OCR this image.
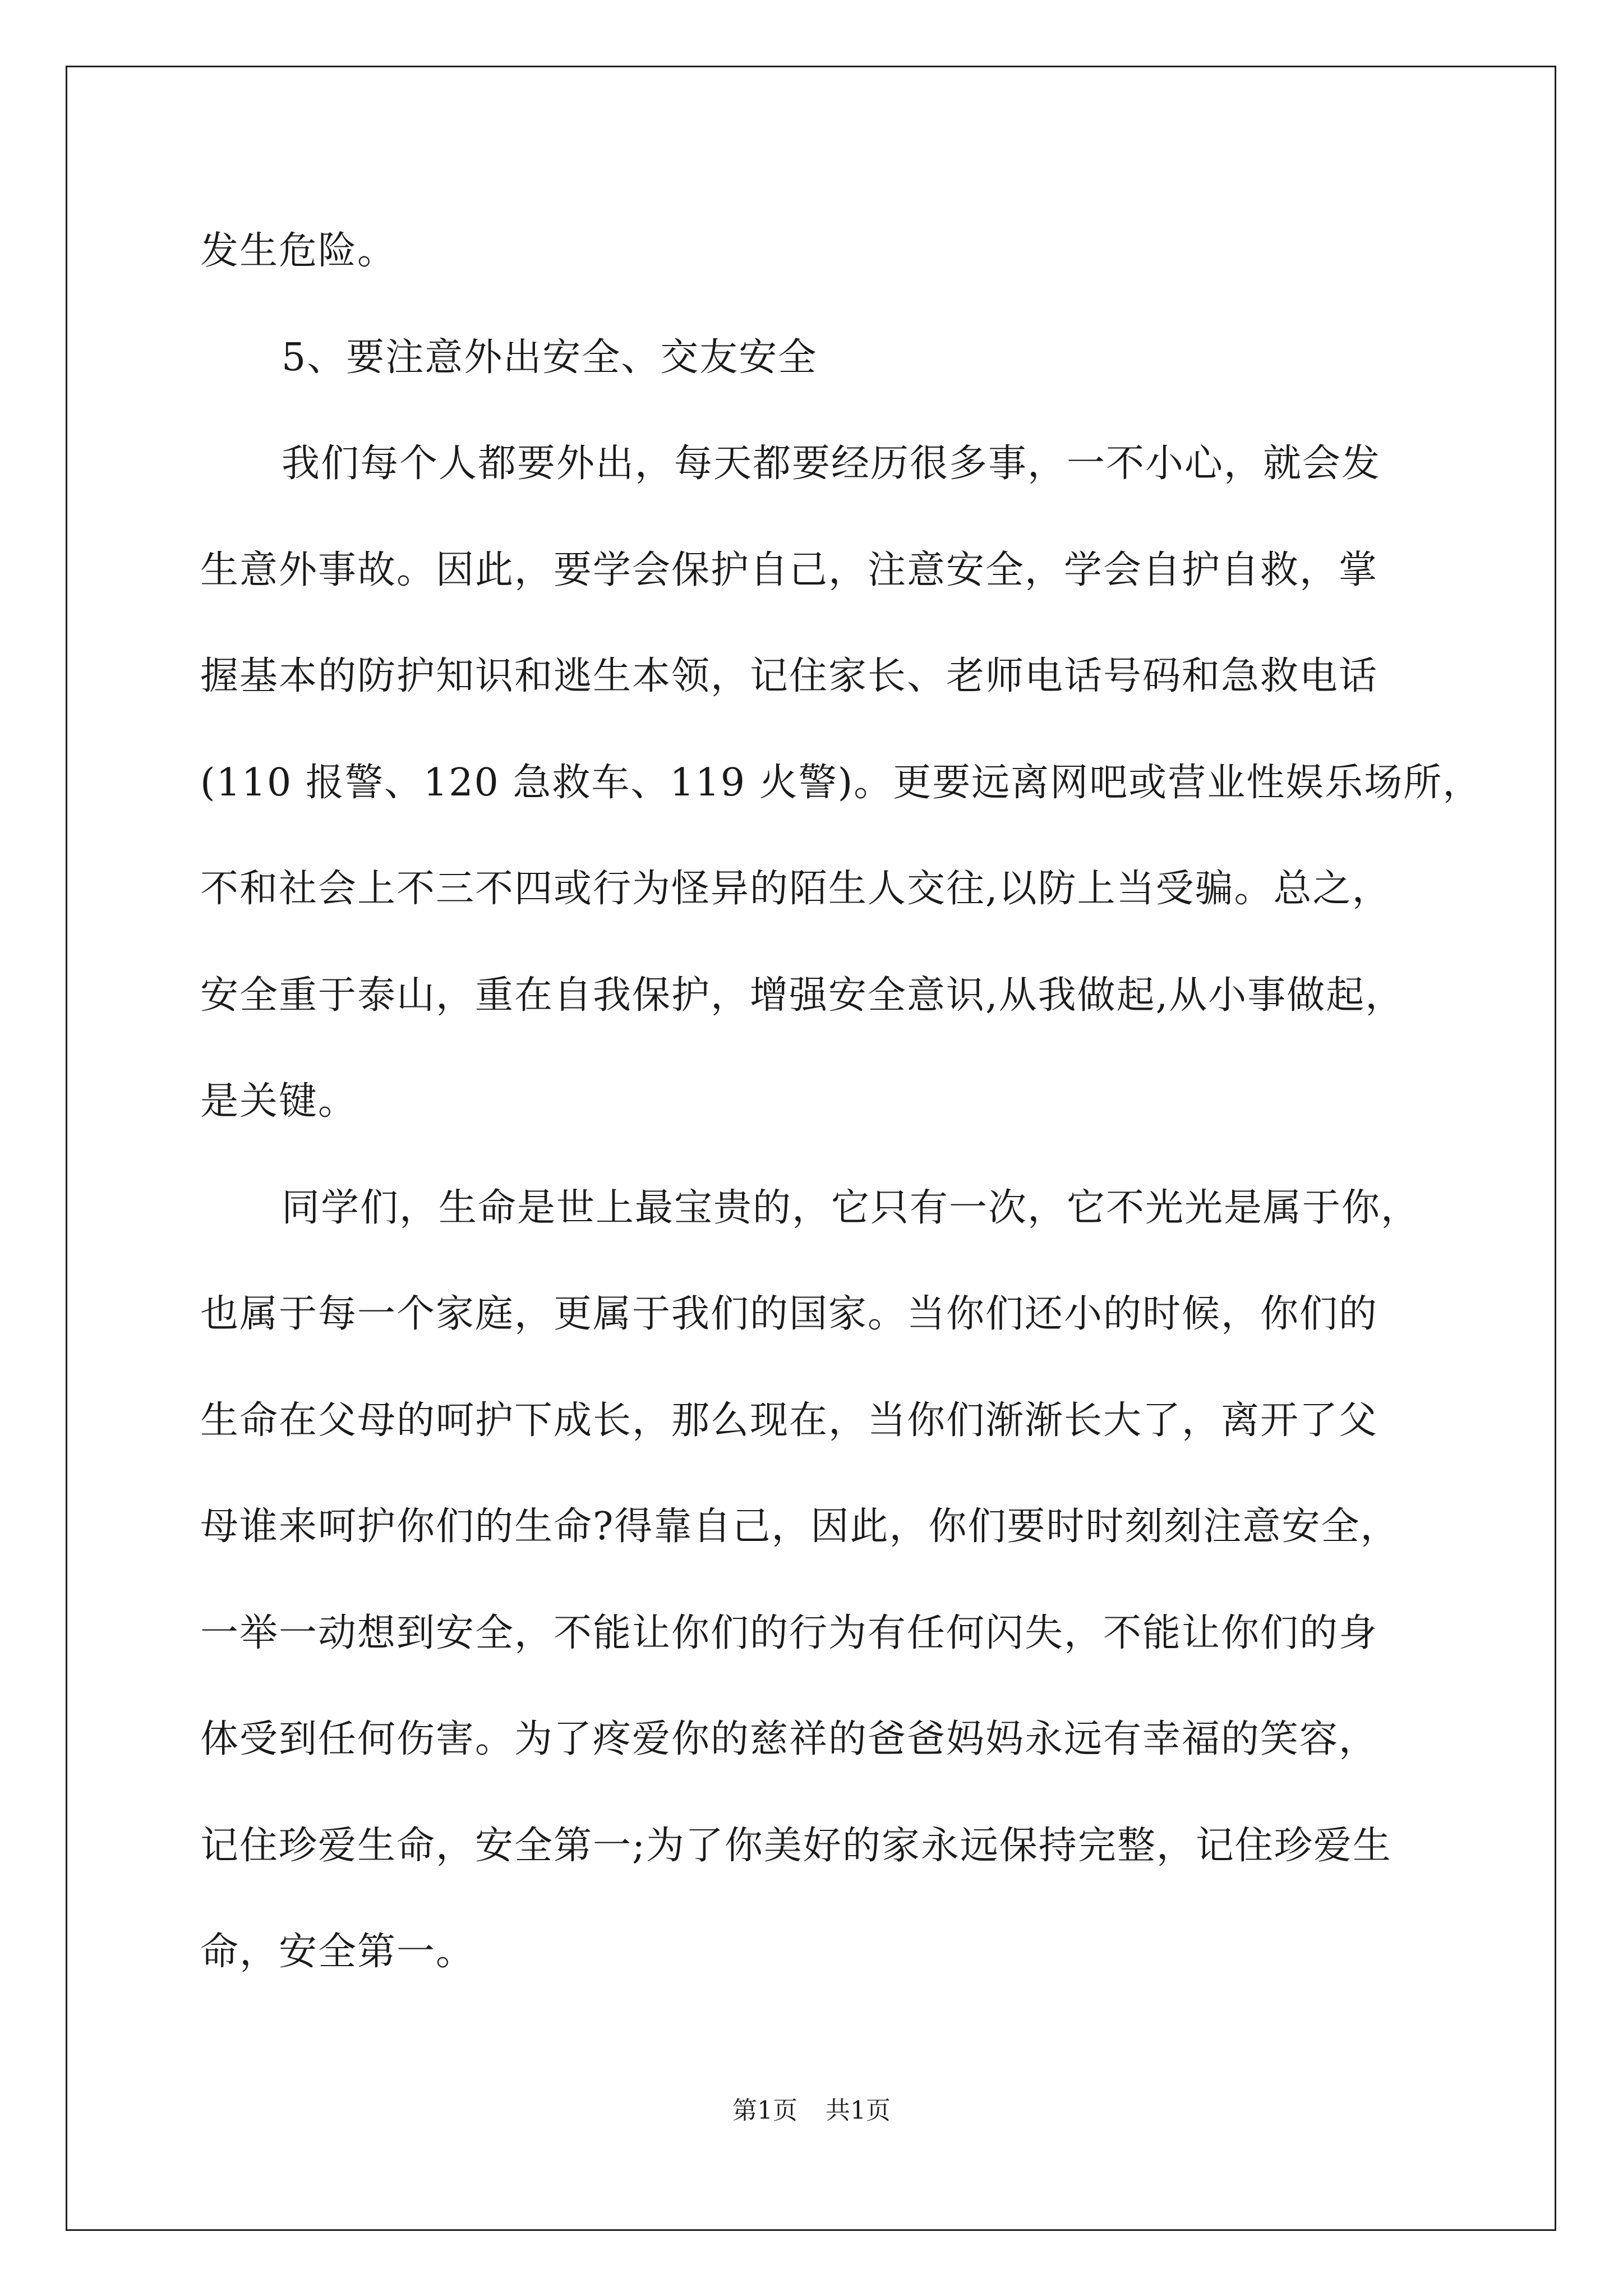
发生危险。
5、要注意外出安全、交友安全
我们每个人都要外出，每天都要经历很多事，一不小心，就会发
生意外事故。因此，要学会保护自己，注意安全，学会自护自救，掌
握基本的防护知识和逃生本领，记住家长、老师电话号码和急救电话
(110 报警、120 急救车、119 火警)。更要远离网吧或营业性娱乐场所，
不和社会上不三不四或行为怪异的陌生人交往,以防上当受骗。总之，
安全重于泰山，重在自我保护，增强安全意识,从我做起,从小事做起，
是关键。
同学们，生命是世上最宝贵的，它只有一次，它不光光是属于你，
也属于每一个家庭，更属于我们的国家。当你们还小的时候，你们的
生命在父母的呵护下成长，那么现在，当你们渐渐长大了，离开了父
母谁来呵护你们的生命?得靠自己，因此，你们要时时刻刻注意安全，
一举一动想到安全，不能让你们的行为有任何闪失，不能让你们的身
体受到任何伤害。为了疼爱你的慈祥的爸爸妈妈永远有幸福的笑容，
记住珍爱生命，安全第一;为了你美好的家永远保持完整，记住珍爱生
命，安全第一。
第1页 共1页
